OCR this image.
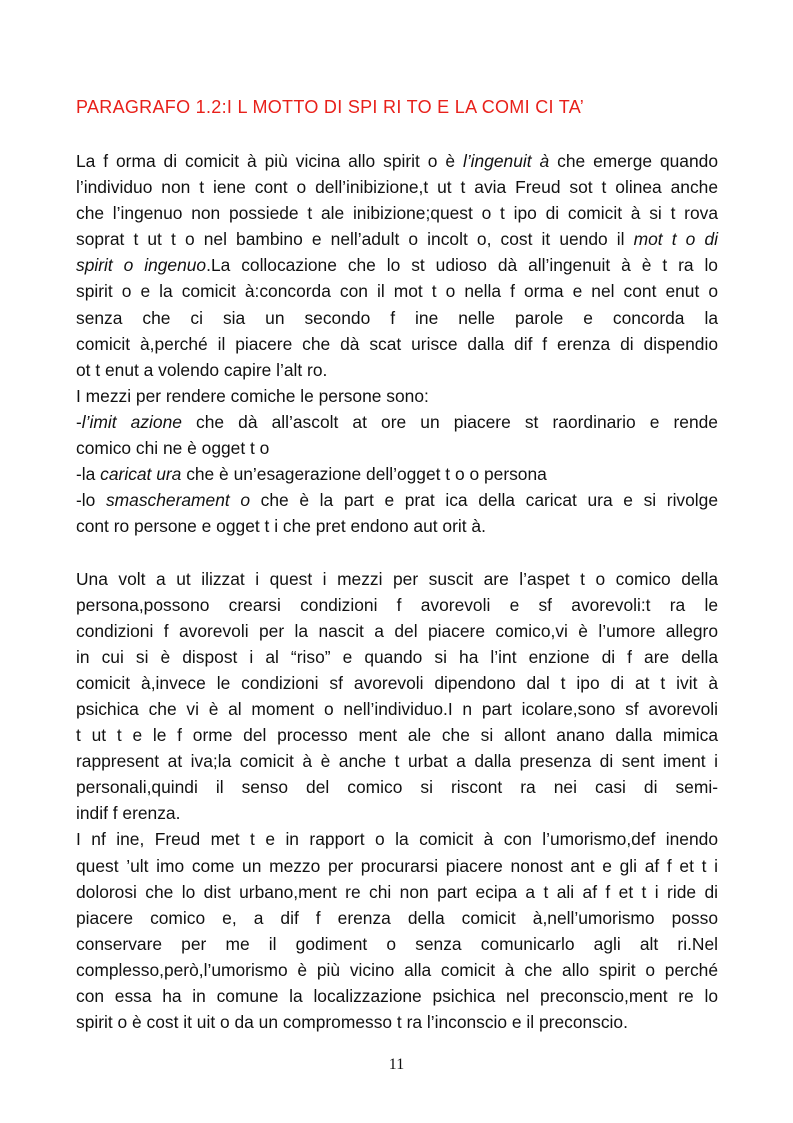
PARAGRAFO 1.2:I L MOTTO DI SPI RI TO E LA COMI CI TA’
La f orma di comicit à più vicina allo spirit o è l’ingenuit à che emerge quando
l’individuo non t iene cont o dell’inibizione,t ut t avia Freud sot t olinea anche
che l’ingenuo non possiede t ale inibizione;quest o t ipo di comicit à si t rova
soprat t ut t o nel bambino e nell’adult o incolt o, cost it uendo il mot t o di
spirit o ingenuo.La collocazione che lo st udioso dà all’ingenuit à è t ra lo
spirit o e la comicit à:concorda con il mot t o nella f orma e nel cont enut o
senza che ci sia un secondo f ine nelle parole e concorda la
comicit à,perché il piacere che dà scat urisce dalla dif f erenza di dispendio
ot t enut a volendo capire l’alt ro.
I mezzi per rendere comiche le persone sono:
-l’imit azione che dà all’ascolt at ore un piacere st raordinario e rende
comico chi ne è ogget t o
-la caricat ura che è un’esagerazione dell’ogget t o o persona
-lo smascherament o che è la part e prat ica della caricat ura e si rivolge
cont ro persone e ogget t i che pret endono aut orit à.
Una volt a ut ilizzat i quest i mezzi per suscit are l’aspet t o comico della
persona,possono crearsi condizioni f avorevoli e sf avorevoli:t ra le
condizioni f avorevoli per la nascit a del piacere comico,vi è l’umore allegro
in cui si è dispost i al “riso” e quando si ha l’int enzione di f are della
comicit à,invece le condizioni sf avorevoli dipendono dal t ipo di at t ivit à
psichica che vi è al moment o nell’individuo.I n part icolare,sono sf avorevoli
t ut t e le f orme del processo ment ale che si allont anano dalla mimica
rappresent at iva;la comicit à è anche t urbat a dalla presenza di sent iment i
personali,quindi il senso del comico si riscont ra nei casi di semi-
indif f erenza.
I nf ine, Freud met t e in rapport o la comicit à con l’umorismo,def inendo
quest ’ult imo come un mezzo per procurarsi piacere nonost ant e gli af f et t i
dolorosi che lo dist urbano,ment re chi non part ecipa a t ali af f et t i ride di
piacere comico e, a dif f erenza della comicit à,nell’umorismo posso
conservare per me il godiment o senza comunicarlo agli alt ri.Nel
complesso,però,l’umorismo è più vicino alla comicit à che allo spirit o perché
con essa ha in comune la localizzazione psichica nel preconscio,ment re lo
spirit o è cost it uit o da un compromesso t ra l’inconscio e il preconscio.
11
